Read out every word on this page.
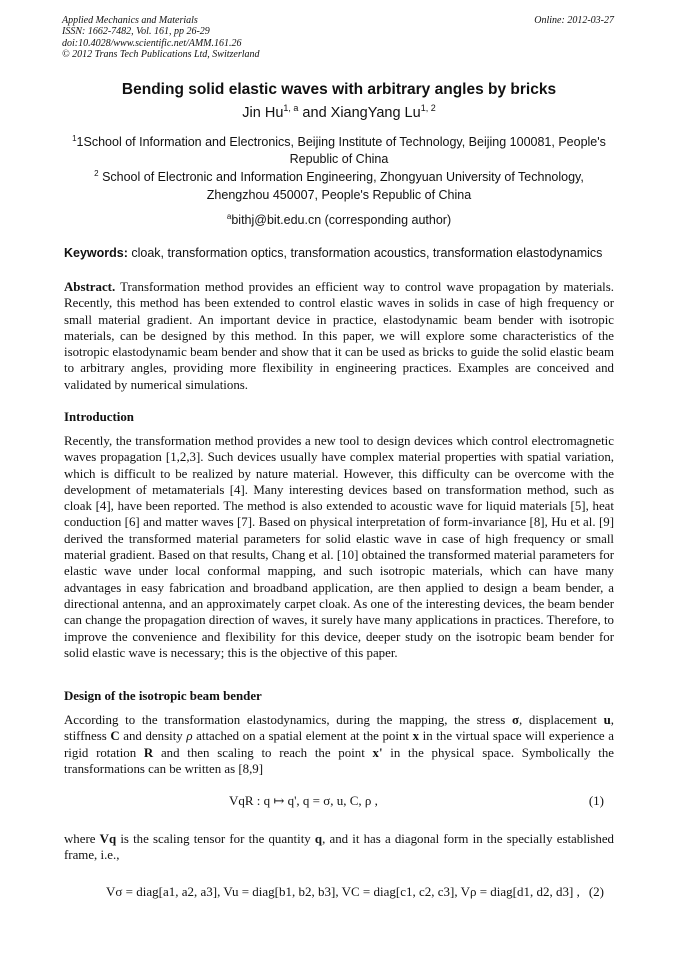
Applied Mechanics and Materials
ISSN: 1662-7482, Vol. 161, pp 26-29
doi:10.4028/www.scientific.net/AMM.161.26
© 2012 Trans Tech Publications Ltd, Switzerland
Online: 2012-03-27
Bending solid elastic waves with arbitrary angles by bricks
Jin Hu$^{1, a}$ and XiangYang Lu$^{1, 2}$
$^1$1School of Information and Electronics, Beijing Institute of Technology, Beijing 100081, People's Republic of China
$^2$ School of Electronic and Information Engineering, Zhongyuan University of Technology,
Zhengzhou 450007, People's Republic of China
$^a$bithj@bit.edu.cn (corresponding author)
Keywords: cloak, transformation optics, transformation acoustics, transformation elastodynamics
Abstract. Transformation method provides an efficient way to control wave propagation by materials. Recently, this method has been extended to control elastic waves in solids in case of high frequency or small material gradient. An important device in practice, elastodynamic beam bender with isotropic materials, can be designed by this method. In this paper, we will explore some characteristics of the isotropic elastodynamic beam bender and show that it can be used as bricks to guide the solid elastic beam to arbitrary angles, providing more flexibility in engineering practices. Examples are conceived and validated by numerical simulations.
Introduction
Recently, the transformation method provides a new tool to design devices which control electromagnetic waves propagation [1,2,3]. Such devices usually have complex material properties with spatial variation, which is difficult to be realized by nature material. However, this difficulty can be overcome with the development of metamaterials [4]. Many interesting devices based on transformation method, such as cloak [4], have been reported. The method is also extended to acoustic wave for liquid materials [5], heat conduction [6] and matter waves [7]. Based on physical interpretation of form-invariance [8], Hu et al. [9] derived the transformed material parameters for solid elastic wave in case of high frequency or small material gradient. Based on that results, Chang et al. [10] obtained the transformed material parameters for elastic wave under local conformal mapping, and such isotropic materials, which can have many advantages in easy fabrication and broadband application, are then applied to design a beam bender, a directional antenna, and an approximately carpet cloak. As one of the interesting devices, the beam bender can change the propagation direction of waves, it surely have many applications in practices. Therefore, to improve the convenience and flexibility for this device, deeper study on the isotropic beam bender for solid elastic wave is necessary; this is the objective of this paper.
Design of the isotropic beam bender
According to the transformation elastodynamics, during the mapping, the stress σ, displacement u, stiffness C and density ρ attached on a spatial element at the point x in the virtual space will experience a rigid rotation R and then scaling to reach the point x' in the physical space. Symbolically the transformations can be written as [8,9]
VqR : q ↦ q', q = σ, u, C, ρ ,	(1)
where Vq is the scaling tensor for the quantity q, and it has a diagonal form in the specially established frame, i.e.,
Vσ = diag[a1, a2, a3], Vu = diag[b1, b2, b3], VC = diag[c1, c2, c3], Vρ = diag[d1, d2, d3] , (2)
